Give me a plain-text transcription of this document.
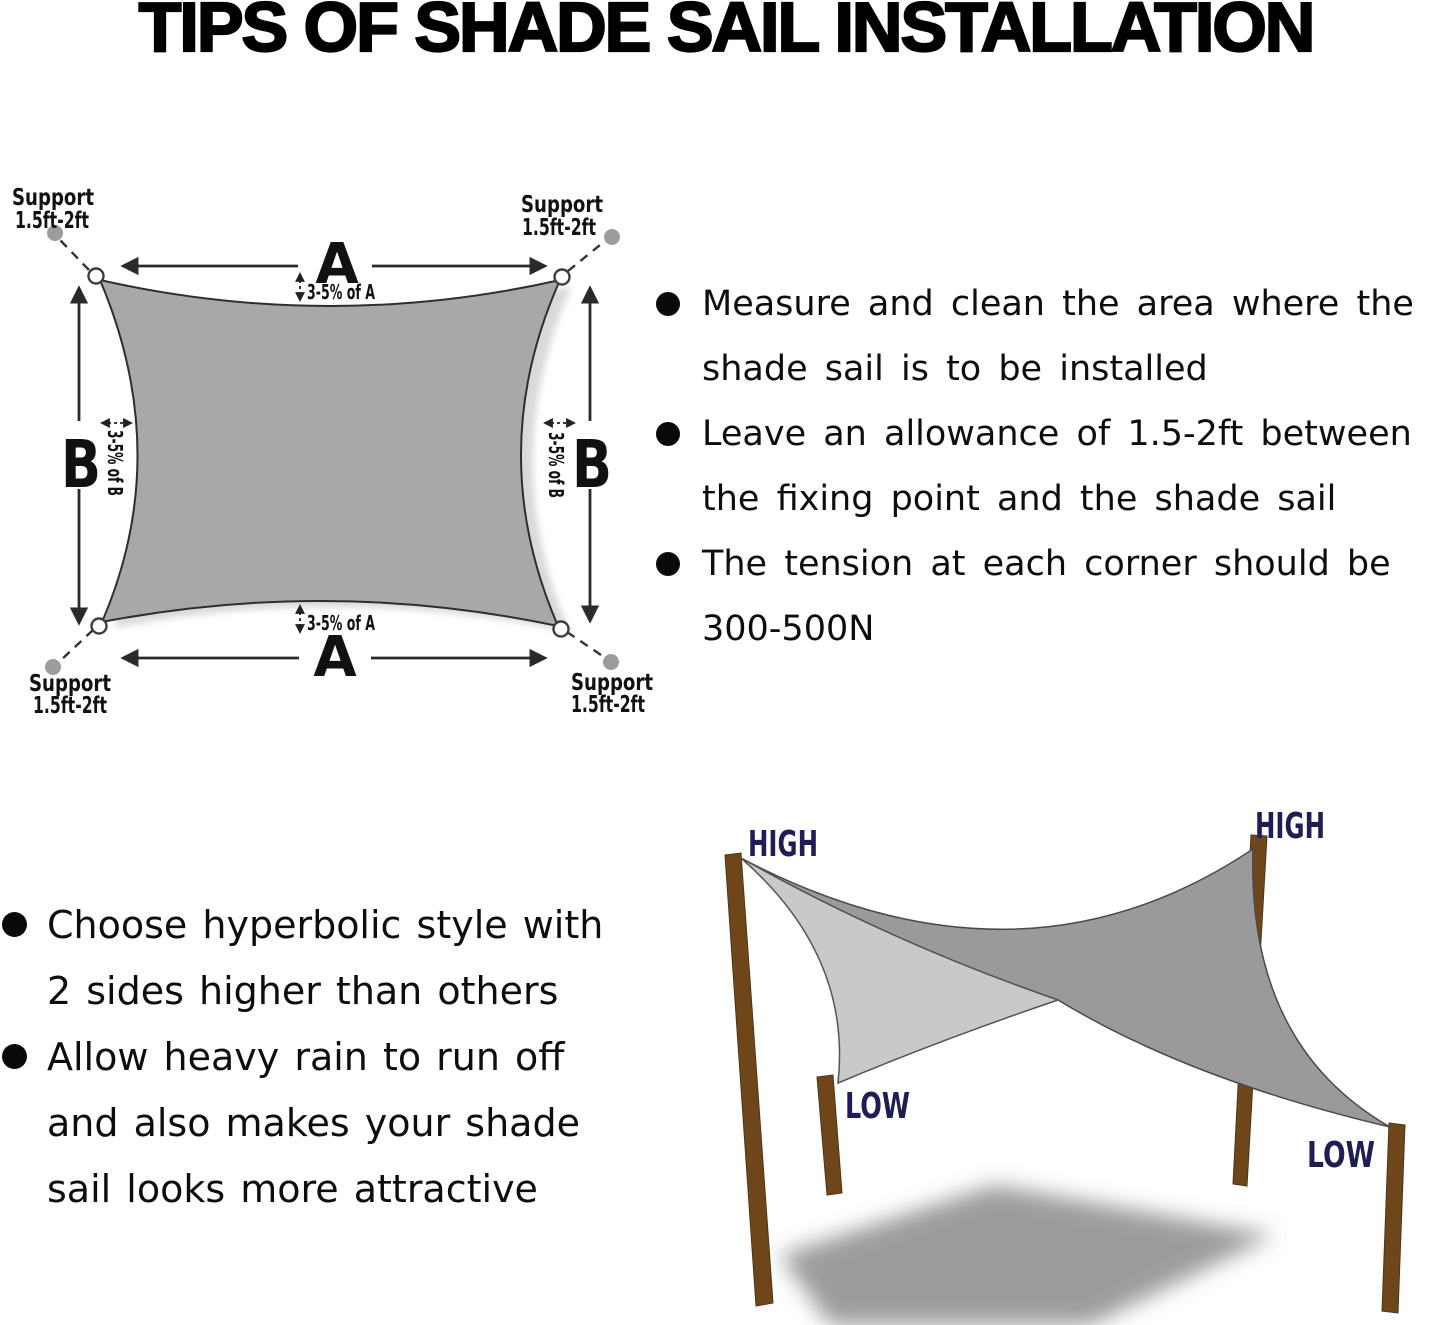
TIPS OF SHADE SAIL INSTALLATION
A
A
B	B
3-5% of A
3-5% of A
3-5% of B	3-5% of B
Support
1.5ft-2ft
Support
1.5ft-2ft
Support
1.5ft-2ft
Support
1.5ft-2ft
Measure and clean the area where the
shade sail is to be installed
Leave an allowance of 1.5-2ft between
the fixing point and the shade sail
The tension at each corner should be
300-500N
Choose hyperbolic style with
2 sides higher than others
Allow heavy rain to run off
and also makes your shade
sail looks more attractive
HIGH	HIGH
LOW
LOW
